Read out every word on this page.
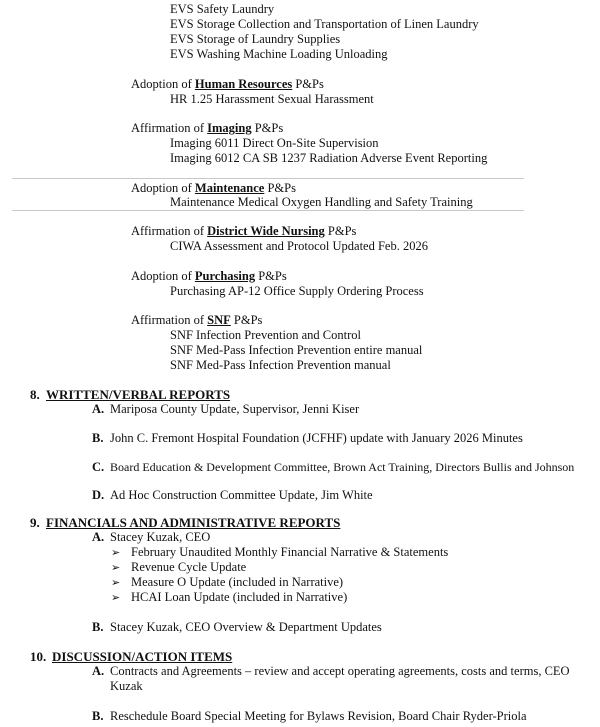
EVS Safety Laundry
EVS Storage Collection and Transportation of Linen Laundry
EVS Storage of Laundry Supplies
EVS Washing Machine Loading Unloading
Adoption of Human Resources P&Ps
HR 1.25 Harassment Sexual Harassment
Affirmation of Imaging P&Ps
Imaging 6011 Direct On-Site Supervision
Imaging 6012 CA SB 1237 Radiation Adverse Event Reporting
Adoption of Maintenance P&Ps
Maintenance Medical Oxygen Handling and Safety Training
Affirmation of District Wide Nursing P&Ps
CIWA Assessment and Protocol Updated Feb. 2026
Adoption of Purchasing P&Ps
Purchasing AP-12 Office Supply Ordering Process
Affirmation of SNF P&Ps
SNF Infection Prevention and Control
SNF Med-Pass Infection Prevention entire manual
SNF Med-Pass Infection Prevention manual
8. WRITTEN/VERBAL REPORTS
A. Mariposa County Update, Supervisor, Jenni Kiser
B. John C. Fremont Hospital Foundation (JCFHF) update with January 2026 Minutes
C. Board Education & Development Committee, Brown Act Training, Directors Bullis and Johnson
D. Ad Hoc Construction Committee Update, Jim White
9. FINANCIALS AND ADMINISTRATIVE REPORTS
A. Stacey Kuzak, CEO
➢ February Unaudited Monthly Financial Narrative & Statements
➢ Revenue Cycle Update
➢ Measure O Update (included in Narrative)
➢ HCAI Loan Update (included in Narrative)
B. Stacey Kuzak, CEO Overview & Department Updates
10. DISCUSSION/ACTION ITEMS
A. Contracts and Agreements – review and accept operating agreements, costs and terms, CEO Kuzak
B. Reschedule Board Special Meeting for Bylaws Revision, Board Chair Ryder-Priola
